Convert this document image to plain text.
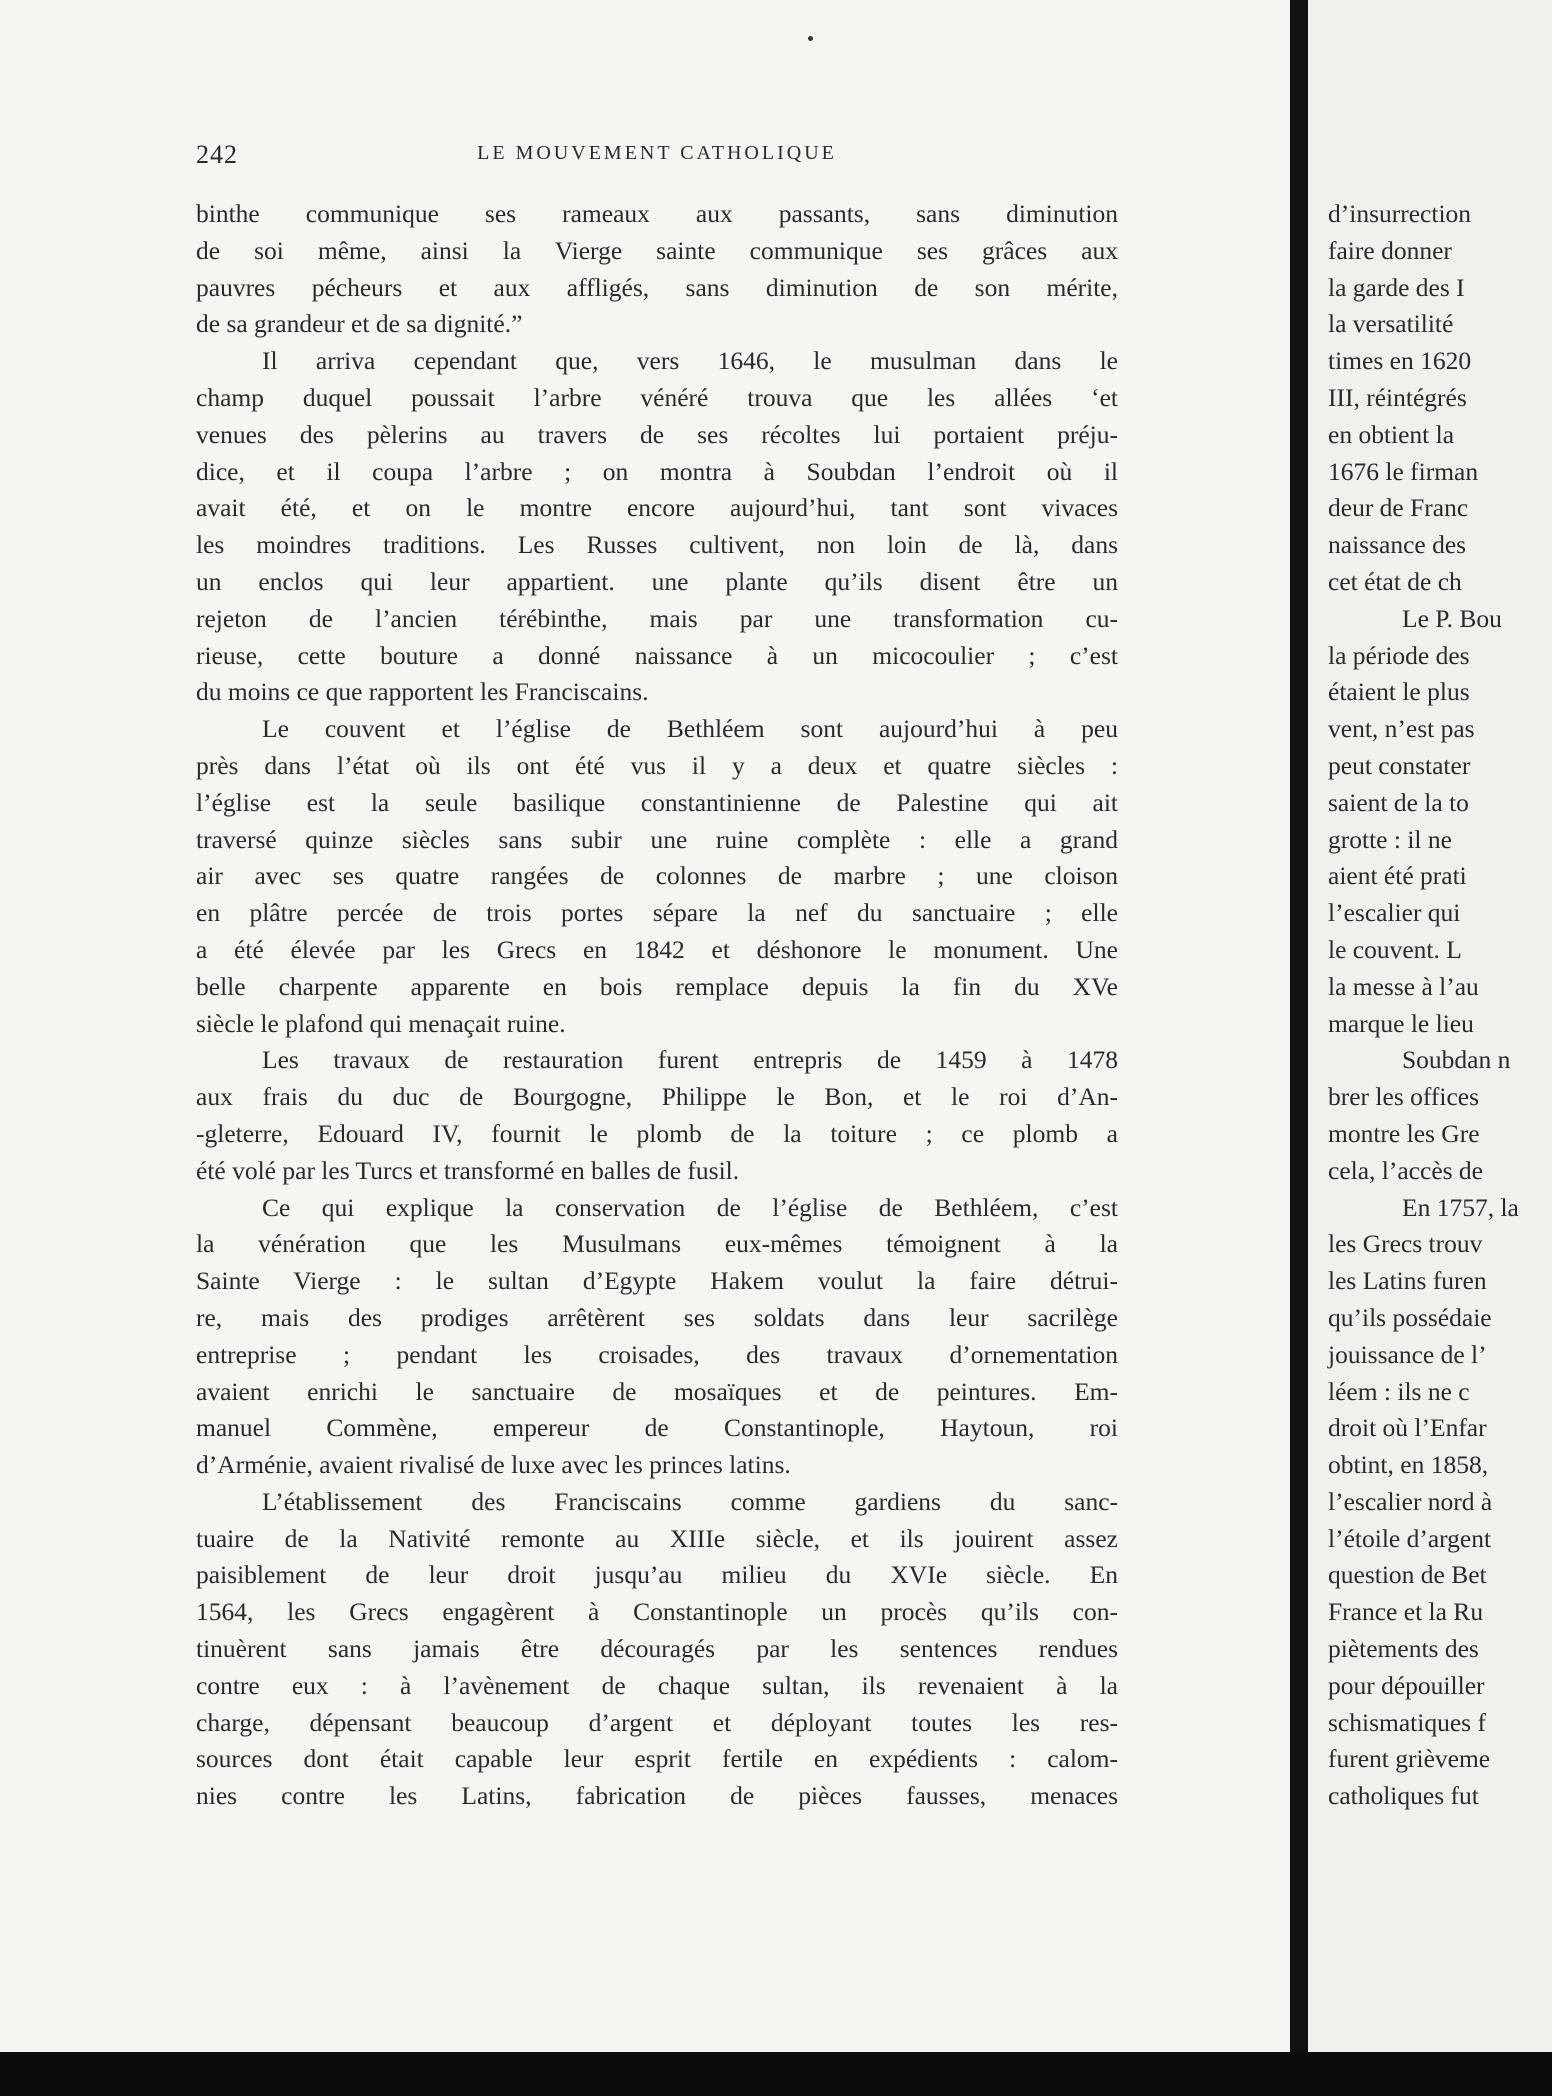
242	LE MOUVEMENT CATHOLIQUE
binthe communique ses rameaux aux passants, sans diminution
de soi même, ainsi la Vierge sainte communique ses grâces aux
pauvres pécheurs et aux affligés, sans diminution de son mérite,
de sa grandeur et de sa dignité.”
Il arriva cependant que, vers 1646, le musulman dans le
champ duquel poussait l’arbre vénéré trouva que les allées ‘et
venues des pèlerins au travers de ses récoltes lui portaient préju-
dice, et il coupa l’arbre ; on montra à Soubdan l’endroit où il
avait été, et on le montre encore aujourd’hui, tant sont vivaces
les moindres traditions. Les Russes cultivent, non loin de là, dans
un enclos qui leur appartient. une plante qu’ils disent être un
rejeton de l’ancien térébinthe, mais par une transformation cu-
rieuse, cette bouture a donné naissance à un micocoulier ; c’est
du moins ce que rapportent les Franciscains.
Le couvent et l’église de Bethléem sont aujourd’hui à peu
près dans l’état où ils ont été vus il y a deux et quatre siècles :
l’église est la seule basilique constantinienne de Palestine qui ait
traversé quinze siècles sans subir une ruine complète : elle a grand
air avec ses quatre rangées de colonnes de marbre ; une cloison
en plâtre percée de trois portes sépare la nef du sanctuaire ; elle
a été élevée par les Grecs en 1842 et déshonore le monument. Une
belle charpente apparente en bois remplace depuis la fin du XVe
siècle le plafond qui menaçait ruine.
Les travaux de restauration furent entrepris de 1459 à 1478
aux frais du duc de Bourgogne, Philippe le Bon, et le roi d’An-
-gleterre, Edouard IV, fournit le plomb de la toiture ; ce plomb a
été volé par les Turcs et transformé en balles de fusil.
Ce qui explique la conservation de l’église de Bethléem, c’est
la vénération que les Musulmans eux-mêmes témoignent à la
Sainte Vierge : le sultan d’Egypte Hakem voulut la faire détrui-
re, mais des prodiges arrêtèrent ses soldats dans leur sacrilège
entreprise ; pendant les croisades, des travaux d’ornementation
avaient enrichi le sanctuaire de mosaïques et de peintures. Em-
manuel Commène, empereur de Constantinople, Haytoun, roi
d’Arménie, avaient rivalisé de luxe avec les princes latins.
L’établissement des Franciscains comme gardiens du sanc-
tuaire de la Nativité remonte au XIIIe siècle, et ils jouirent assez
paisiblement de leur droit jusqu’au milieu du XVIe siècle. En
1564, les Grecs engagèrent à Constantinople un procès qu’ils con-
tinuèrent sans jamais être découragés par les sentences rendues
contre eux : à l’avènement de chaque sultan, ils revenaient à la
charge, dépensant beaucoup d’argent et déployant toutes les res-
sources dont était capable leur esprit fertile en expédients : calom-
nies contre les Latins, fabrication de pièces fausses, menaces
d’insurrection
faire donner
la garde des I
la versatilité
times en 1620
III, réintégrés
en obtient la
1676 le firman
deur de Franc
naissance des
cet état de ch
Le P. Bou
la période des
étaient le plus
vent, n’est pas
peut constater
saient de la to
grotte : il ne
aient été prati
l’escalier qui
le couvent. L
la messe à l’au
marque le lieu
Soubdan n
brer les offices
montre les Gre
cela, l’accès de
En 1757, la
les Grecs trouv
les Latins furen
qu’ils possédaie
jouissance de l’
léem : ils ne c
droit où l’Enfar
obtint, en 1858,
l’escalier nord à
l’étoile d’argent
question de Bet
France et la Ru
piètements des
pour dépouiller
schismatiques f
furent grièveme
catholiques fut
